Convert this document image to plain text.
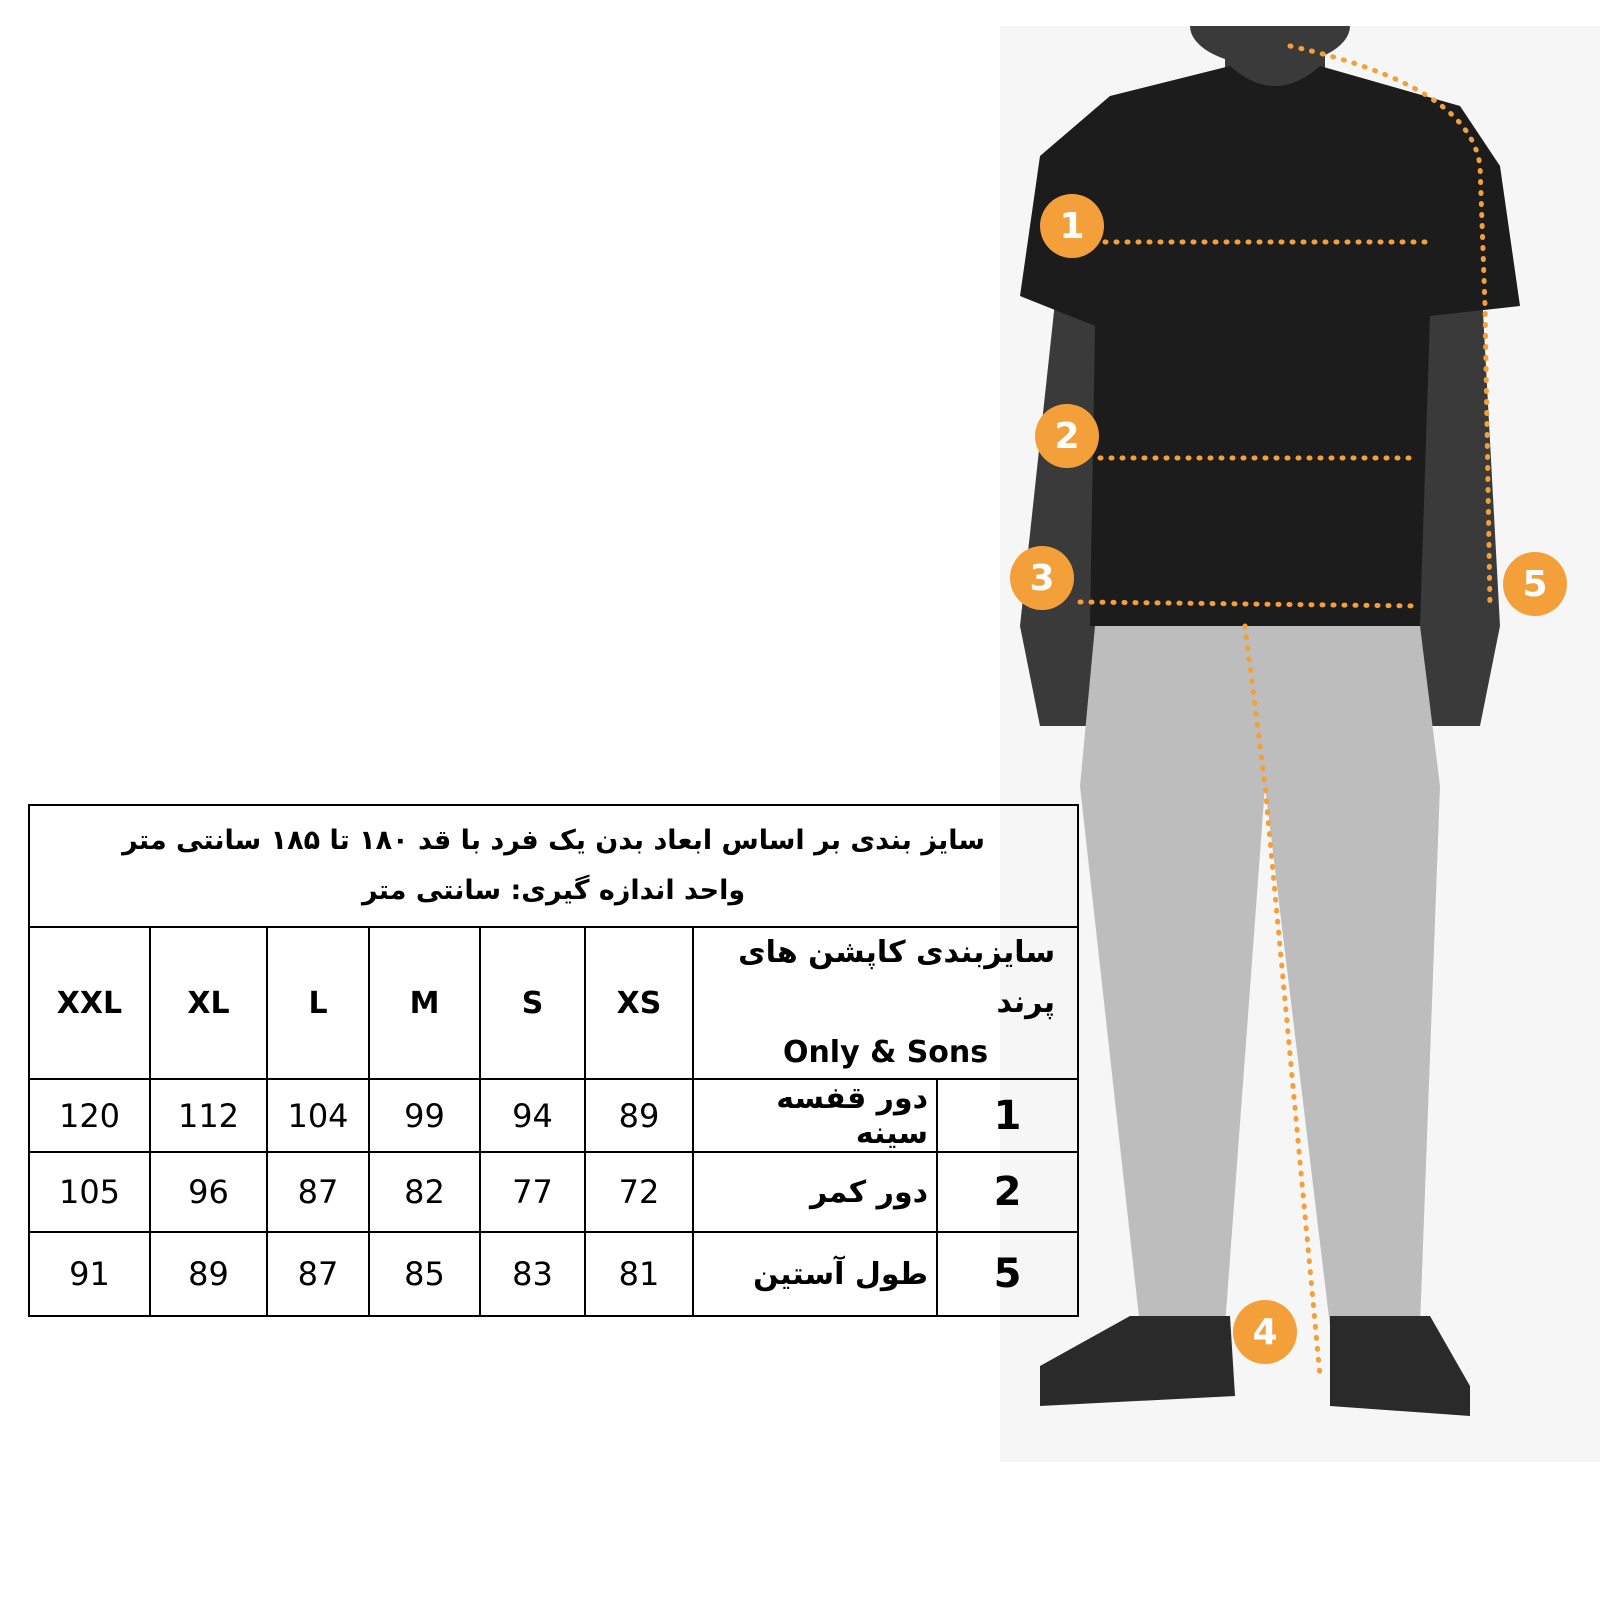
1
2
3
4
5
سایز بندی بر اساس ابعاد بدن یک فرد با قد ۱۸۰ تا ۱۸۵ سانتی متر
واحد اندازه گیری: سانتی متر							

XXL	XL	L	M	S	XS	سایزبندی کاپشن های پرند
Only & Sons	

120	112	104	99	94	89	دور قفسه سینه	1
105	96	87	82	77	72	دور کمر	2
91	89	87	85	83	81	طول آستین	5
